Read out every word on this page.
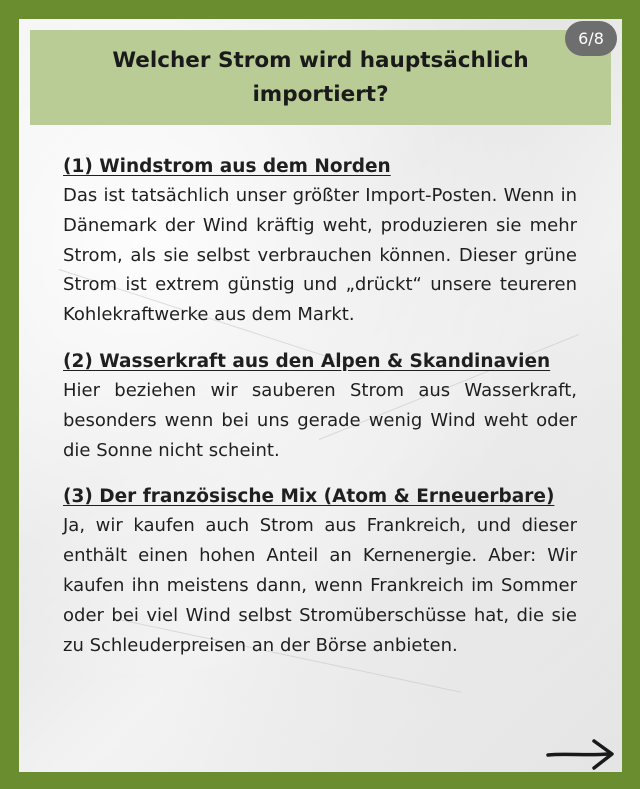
Welcher Strom wird hauptsächlich importiert?
6/8
(1) Windstrom aus dem Norden
Das ist tatsächlich unser größter Import-Posten. Wenn in Dänemark der Wind kräftig weht, produzieren sie mehr Strom, als sie selbst verbrauchen können. Dieser grüne Strom ist extrem günstig und „drückt“ unsere teureren Kohlekraftwerke aus dem Markt.
(2) Wasserkraft aus den Alpen & Skandinavien
Hier beziehen wir sauberen Strom aus Wasserkraft, besonders wenn bei uns gerade wenig Wind weht oder die Sonne nicht scheint.
(3) Der französische Mix (Atom & Erneuerbare)
Ja, wir kaufen auch Strom aus Frankreich, und dieser enthält einen hohen Anteil an Kernenergie. Aber: Wir kaufen ihn meistens dann, wenn Frankreich im Sommer oder bei viel Wind selbst Stromüberschüsse hat, die sie zu Schleuderpreisen an der Börse anbieten.
